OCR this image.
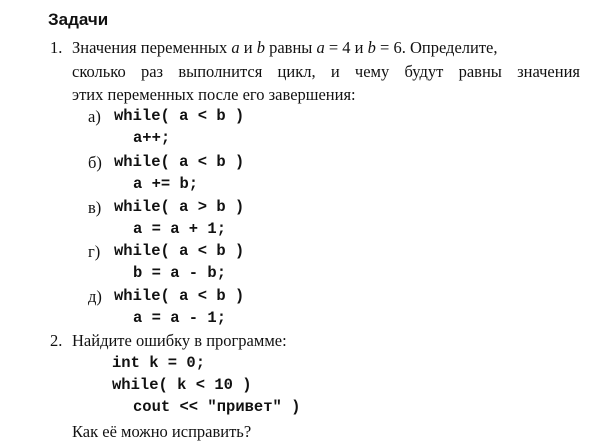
Задачи
1. Значения переменных a и b равны a = 4 и b = 6. Определите,
сколько раз выполнится цикл, и чему будут равны значения
этих переменных после его завершения:
а) while( a < b )
a++;
б) while( a < b )
a += b;
в) while( a > b )
a = a + 1;
г) while( a < b )
b = a - b;
д) while( a < b )
a = a - 1;
2. Найдите ошибку в программе:
int k = 0;
while( k < 10 )
cout << "привет" )
Как её можно исправить?
